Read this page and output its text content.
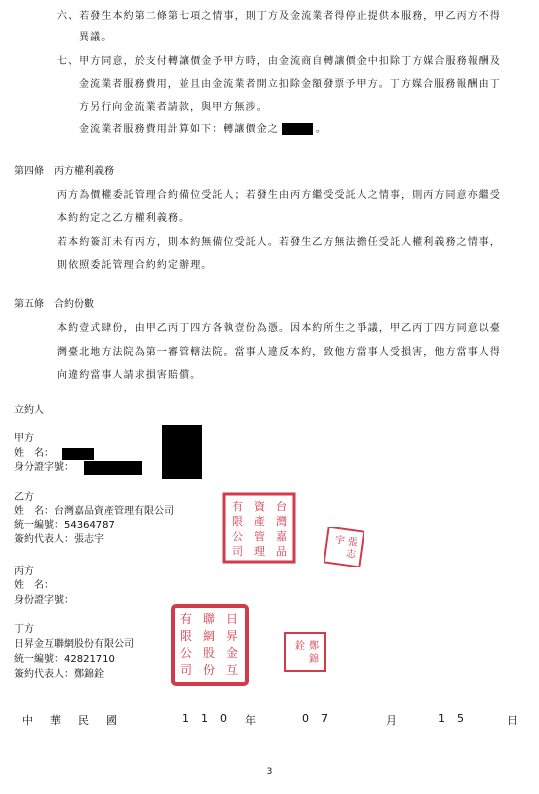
六、若發生本約第二條第七項之情事，則丁方及金流業者得停止提供本服務，甲乙丙方不得
異議。
七、甲方同意，於支付轉讓價金予甲方時，由金流商自轉讓價金中扣除丁方媒合服務報酬及
金流業者服務費用，並且由金流業者開立扣除金額發票予甲方。丁方媒合服務報酬由丁
方另行向金流業者請款，與甲方無涉。
金流業者服務費用計算如下：轉讓價金之	。
第四條　丙方權利義務
丙方為價權委託管理合約備位受託人；若發生由丙方繼受受託人之情事，則丙方同意亦繼受
本約約定之乙方權利義務。
若本約簽訂未有丙方，則本約無備位受託人。若發生乙方無法擔任受託人權利義務之情事，
則依照委託管理合約約定辦理。
第五條　合約份數
本約壹式肆份，由甲乙丙丁四方各執壹份為憑。因本約所生之爭議，甲乙丙丁四方同意以臺
灣臺北地方法院為第一審管轄法院。當事人違反本約，致他方當事人受損害，他方當事人得
向違約當事人請求損害賠償。
立約人
甲方
姓　名：
身分證字號：
乙方
姓　名：台灣嘉品資產管理有限公司
統一編號：54364787
簽約代表人：張志宇
台
灣
嘉
品
資
產
管
理
有
限
公
司
張
志
宇
丙方
姓　名：
身份證字號：
丁方
日昇金互聯網股份有限公司
統一編號：42821710
簽約代表人：鄭錦銓
日
昇
金
互
聯
網
股
份
有
限
公
司
鄭
錦
銓
中　華　民　國	110 年	07	月	15	日
3
